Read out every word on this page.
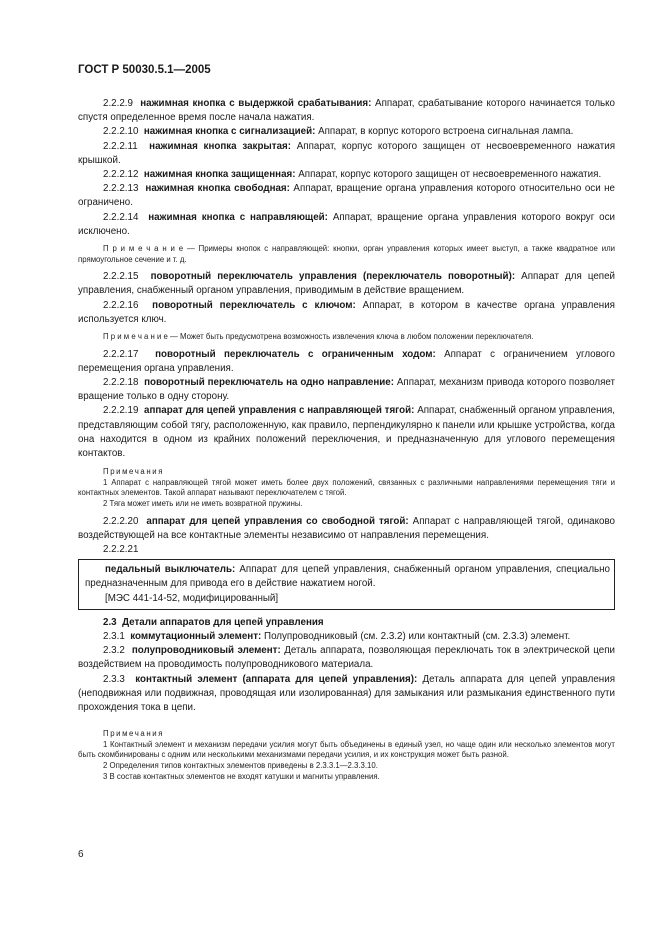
ГОСТ Р 50030.5.1—2005

2.2.2.9 нажимная кнопка с выдержкой срабатывания: Аппарат, срабатывание которого начинается только спустя определенное время после начала нажатия.

2.2.2.10 нажимная кнопка с сигнализацией: Аппарат, в корпус которого встроена сигнальная лампа.

2.2.2.11 нажимная кнопка закрытая: Аппарат, корпус которого защищен от несвоевременного нажатия крышкой.

2.2.2.12 нажимная кнопка защищенная: Аппарат, корпус которого защищен от несвоевременного нажатия.

2.2.2.13 нажимная кнопка свободная: Аппарат, вращение органа управления которого относительно оси не ограничено.

2.2.2.14 нажимная кнопка с направляющей: Аппарат, вращение органа управления которого вокруг оси исключено.

П р и м е ч а н и е — Примеры кнопок с направляющей: кнопки, орган управления которых имеет выступ, а также квадратное или прямоугольное сечение и т. д.

2.2.2.15 поворотный переключатель управления (переключатель поворотный): Аппарат для цепей управления, снабженный органом управления, приводимым в действие вращением.

2.2.2.16 поворотный переключатель с ключом: Аппарат, в котором в качестве органа управления используется ключ.

П р и м е ч а н и е — Может быть предусмотрена возможность извлечения ключа в любом положении переключателя.

2.2.2.17 поворотный переключатель с ограниченным ходом: Аппарат с ограничением углового перемещения органа управления.

2.2.2.18 поворотный переключатель на одно направление: Аппарат, механизм привода которого позволяет вращение только в одну сторону.

2.2.2.19 аппарат для цепей управления с направляющей тягой: Аппарат, снабженный органом управления, представляющим собой тягу, расположенную, как правило, перпендикулярно к панели или крышке устройства, когда она находится в одном из крайних положений переключения, и предназначенную для углового перемещения контактов.

Примечания

1 Аппарат с направляющей тягой может иметь более двух положений, связанных с различными направлениями перемещения тяги и контактных элементов. Такой аппарат называют переключателем с тягой.

2 Тяга может иметь или не иметь возвратной пружины.

2.2.2.20 аппарат для цепей управления со свободной тягой: Аппарат с направляющей тягой, одинаково воздействующей на все контактные элементы независимо от направления перемещения.

2.2.2.21

педальный выключатель: Аппарат для цепей управления, снабженный органом управления, специально предназначенным для привода его в действие нажатием ногой.

[МЭС 441-14-52, модифицированный]

2.3 Детали аппаратов для цепей управления

2.3.1 коммутационный элемент: Полупроводниковый (см. 2.3.2) или контактный (см. 2.3.3) элемент.

2.3.2 полупроводниковый элемент: Деталь аппарата, позволяющая переключать ток в электрической цепи воздействием на проводимость полупроводникового материала.

2.3.3 контактный элемент (аппарата для цепей управления): Деталь аппарата для цепей управления (неподвижная или подвижная, проводящая или изолированная) для замыкания или размыкания единственного пути прохождения тока в цепи.

Примечания

1 Контактный элемент и механизм передачи усилия могут быть объединены в единый узел, но чаще один или несколько элементов могут быть скомбинированы с одним или несколькими механизмами передачи усилия, и их конструкция может быть разной.

2 Определения типов контактных элементов приведены в 2.3.3.1—2.3.3.10.

3 В состав контактных элементов не входят катушки и магниты управления.

6
